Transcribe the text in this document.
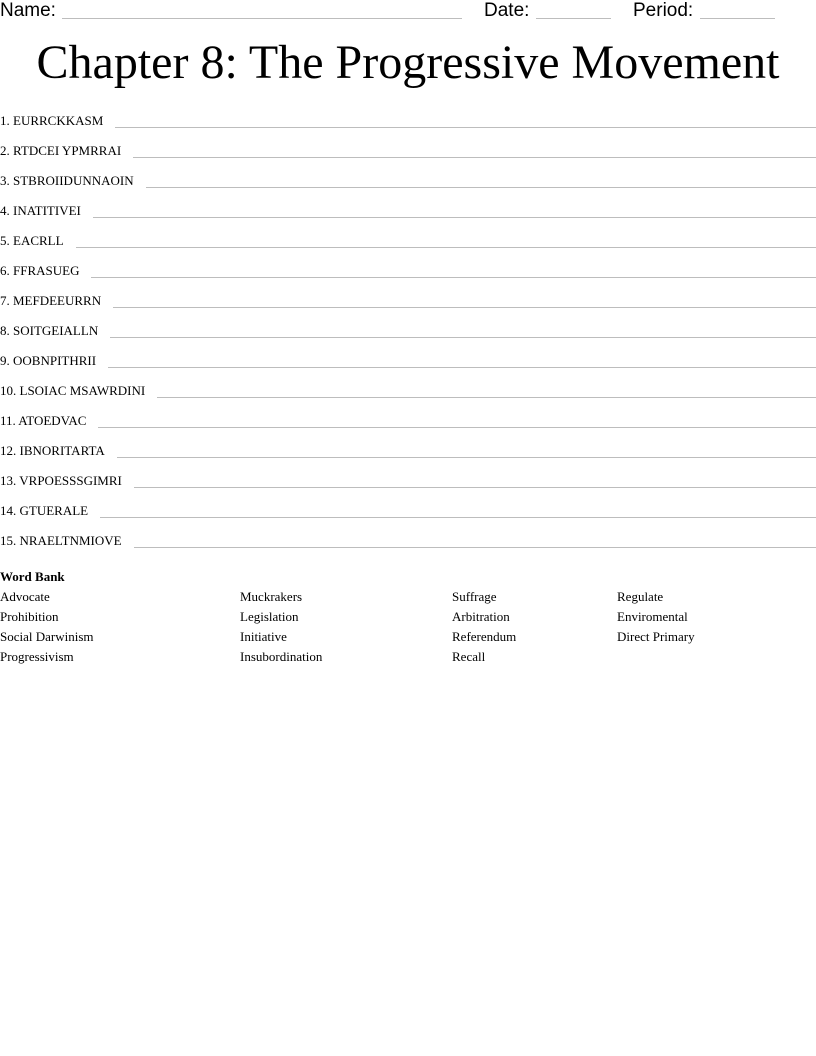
Name:	Date:	Period:
Chapter 8: The Progressive Movement
1. EURRCKKASM
2. RTDCEI YPMRRAI
3. STBROIIDUNNAOIN
4. INATITIVEI
5. EACRLL
6. FFRASUEG
7. MEFDEEURRN
8. SOITGEIALLN
9. OOBNPITHRII
10. LSOIAC MSAWRDINI
11. ATOEDVAC
12. IBNORITARTA
13. VRPOESSSGIMRI
14. GTUERALE
15. NRAELTNMIOVE
Word Bank
Advocate
Prohibition
Social Darwinism
Progressivism
Muckrakers
Legislation
Initiative
Insubordination
Suffrage
Arbitration
Referendum
Recall
Regulate
Enviromental
Direct Primary
